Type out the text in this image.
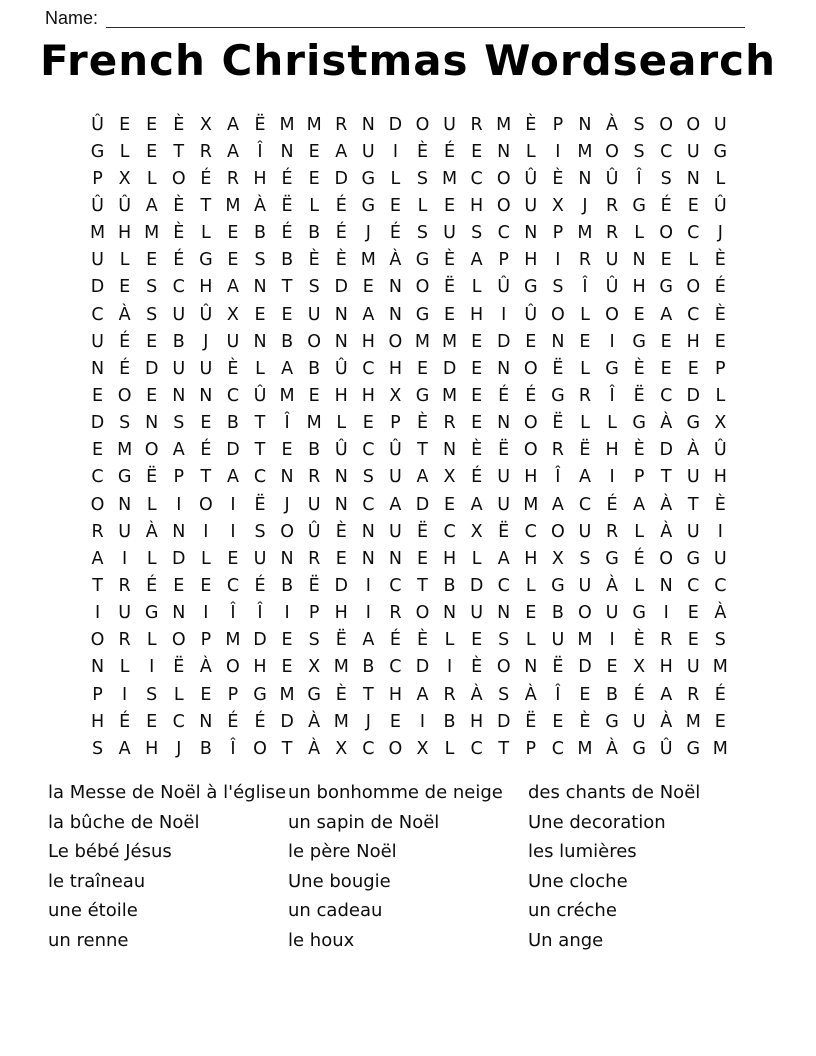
Name:
French Christmas Wordsearch
Û E E È X A Ë M M R N D O U R M È P N À S O O U
G L E T R A	Î	N E A U	I	È É E N L	I M O S C U G
P X L O É R H É E D G L S M C O Û È N Û	Î	S N L
Û Û A È T M À Ë L É G E L E H O U X	J	R G É E Û
M H M È L E B É B É	J	É S U S C N P M R L O C	J
U L E É G E S B È È M À G È A P H	I	R U N E L È
D E S C H A N T S D E N O Ë L Û G S	Î	Û H G O É
C À S U Û X E E U N A N G E H	I	Û O L O E A C È
U É E B	J	U N B O N H O M M E D E N E	I	G E H E
N É D U U È L A B Û C H E D E N O Ë L G È E E P
E O E N N C Û M E H H X G M E É É G R	Î	Ë C D L
D S N S E B T	Î M L E P È R E N O Ë L L G À G X
E M O A É D T E B Û C Û T N È Ë O R Ë H È D À Û
C G Ë P T A C N R N S U A X É U H	Î	A	I	P T U H
O N L	I	O	I	Ë	J	U N C A D E A U M A C É A À T È
R U À N	I	I	S O Û È N U Ë C X Ë C O U R L À U	I
A	I	L D L E U N R E N N E H L A H X S G É O G U
T R É E E C É B Ë D	I	C T B D C L G U À L N C C
I	U G N	I	Î	Î	I	P H	I	R O N U N E B O U G	I	E À
O R L O P M D E S Ë A É È L E S L U M I	È R E S
N L	I	Ë À O H E X M B C D	I	È O N Ë D E X H U M
P	I	S L E P G M G È T H A R À S À	Î	E B É A R É
H É E C N É É D À M J	E	I	B H D Ë E È G U À M E
S A H	J	B	Î	O T À X C O X L C T P C M À G Û G M
la Messe de Noël à l'église
la bûche de Noël
Le bébé Jésus
le traîneau
une étoile
un renne
un bonhomme de neige
un sapin de Noël
le père Noël
Une bougie
un cadeau
le houx
des chants de Noël
Une decoration
les lumières
Une cloche
un créche
Un ange
